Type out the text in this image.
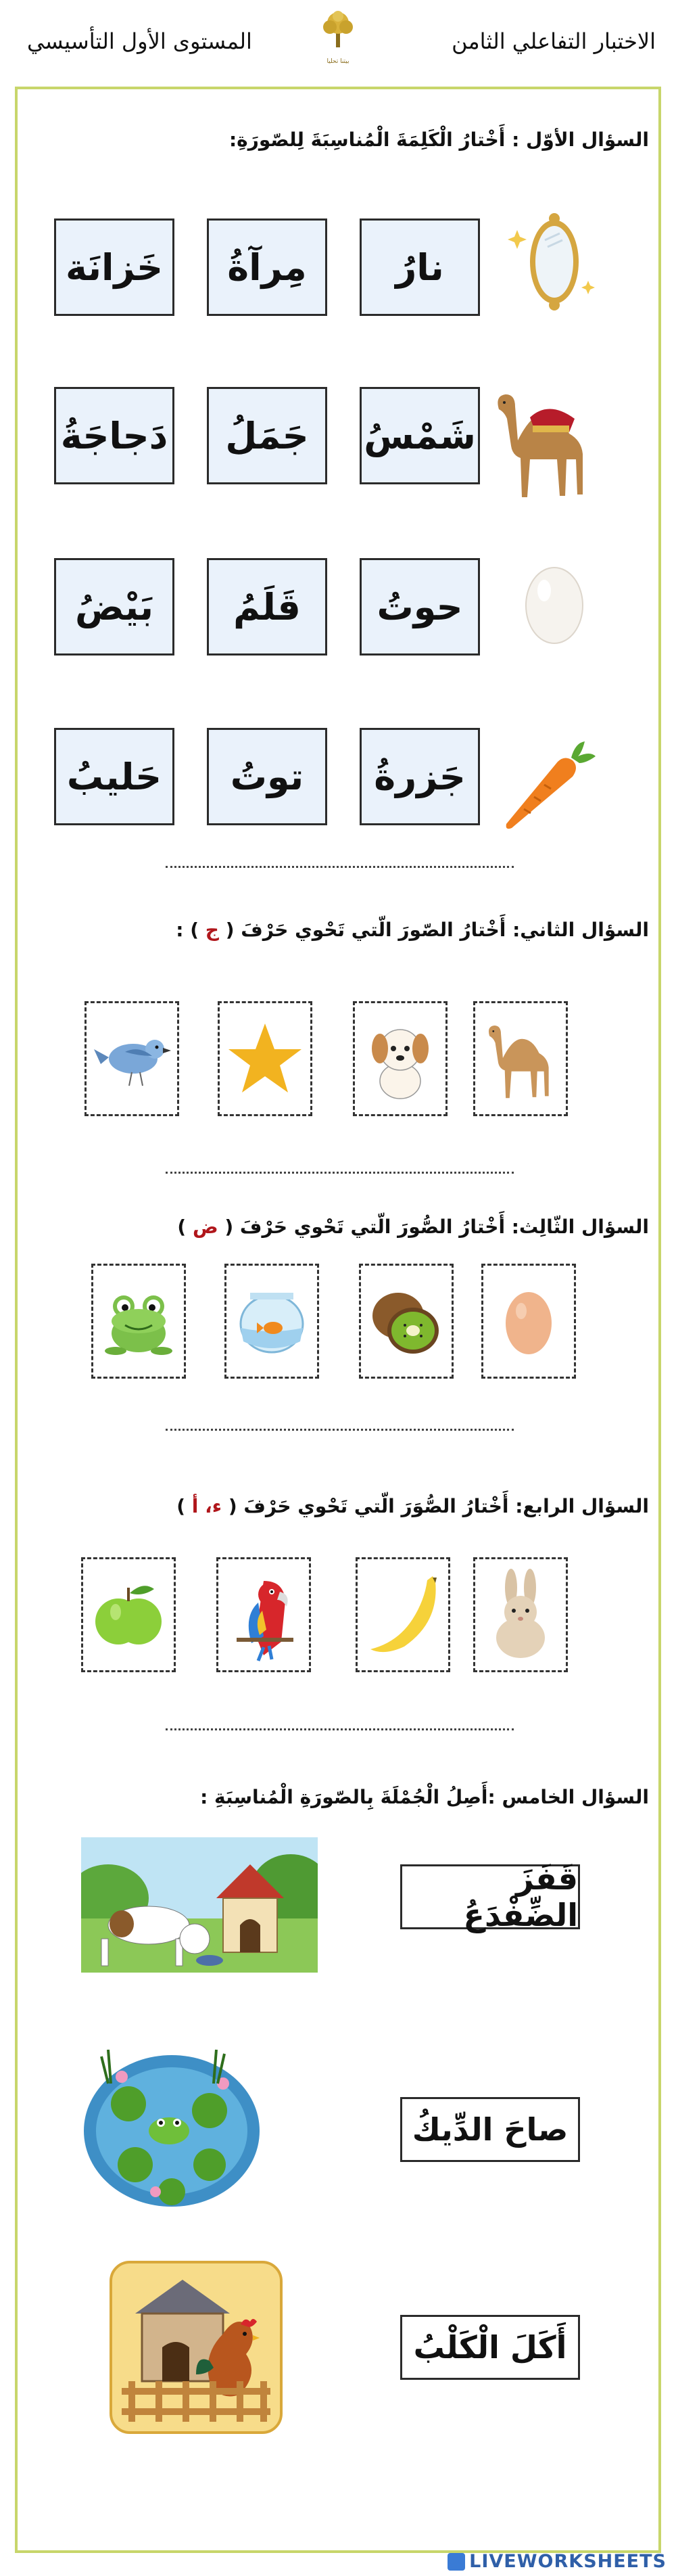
الاختبار التفاعلي الثامن
المستوى الأول التأسيسي
بيتنا تحليا
السؤال الأوّل : أَخْتارُ الْكَلِمَةَ الْمُناسِبَةَ لِلصّورَةِ:
نارُ
مِرآةُ
خَزانَة
شَمْسُ
جَمَلُ
دَجاجَةُ
حوتُ
قَلَمُ
بَيْضُ
جَزرةُ
توتُ
حَليبُ
السؤال الثاني: أَخْتارُ الصّورَ الّتي تَحْوي حَرْفَ ( ج ) :
السؤال الثّالِث: أَخْتارُ الصُّورَ الّتي تَحْوي حَرْفَ ( ض )
السؤال الرابع: أَخْتارُ الصُّوَرَ الّتي تَحْوي حَرْفَ ( ء، أ )
السؤال الخامس :أَصِلُ الْجُمْلَةَ بِالصّورَةِ الْمُناسِبَةِ :
قَفَزَ الضِّفْدَعُ
صاحَ الدِّيكُ
أَكَلَ الْكَلْبُ
LIVEWORKSHEETS
